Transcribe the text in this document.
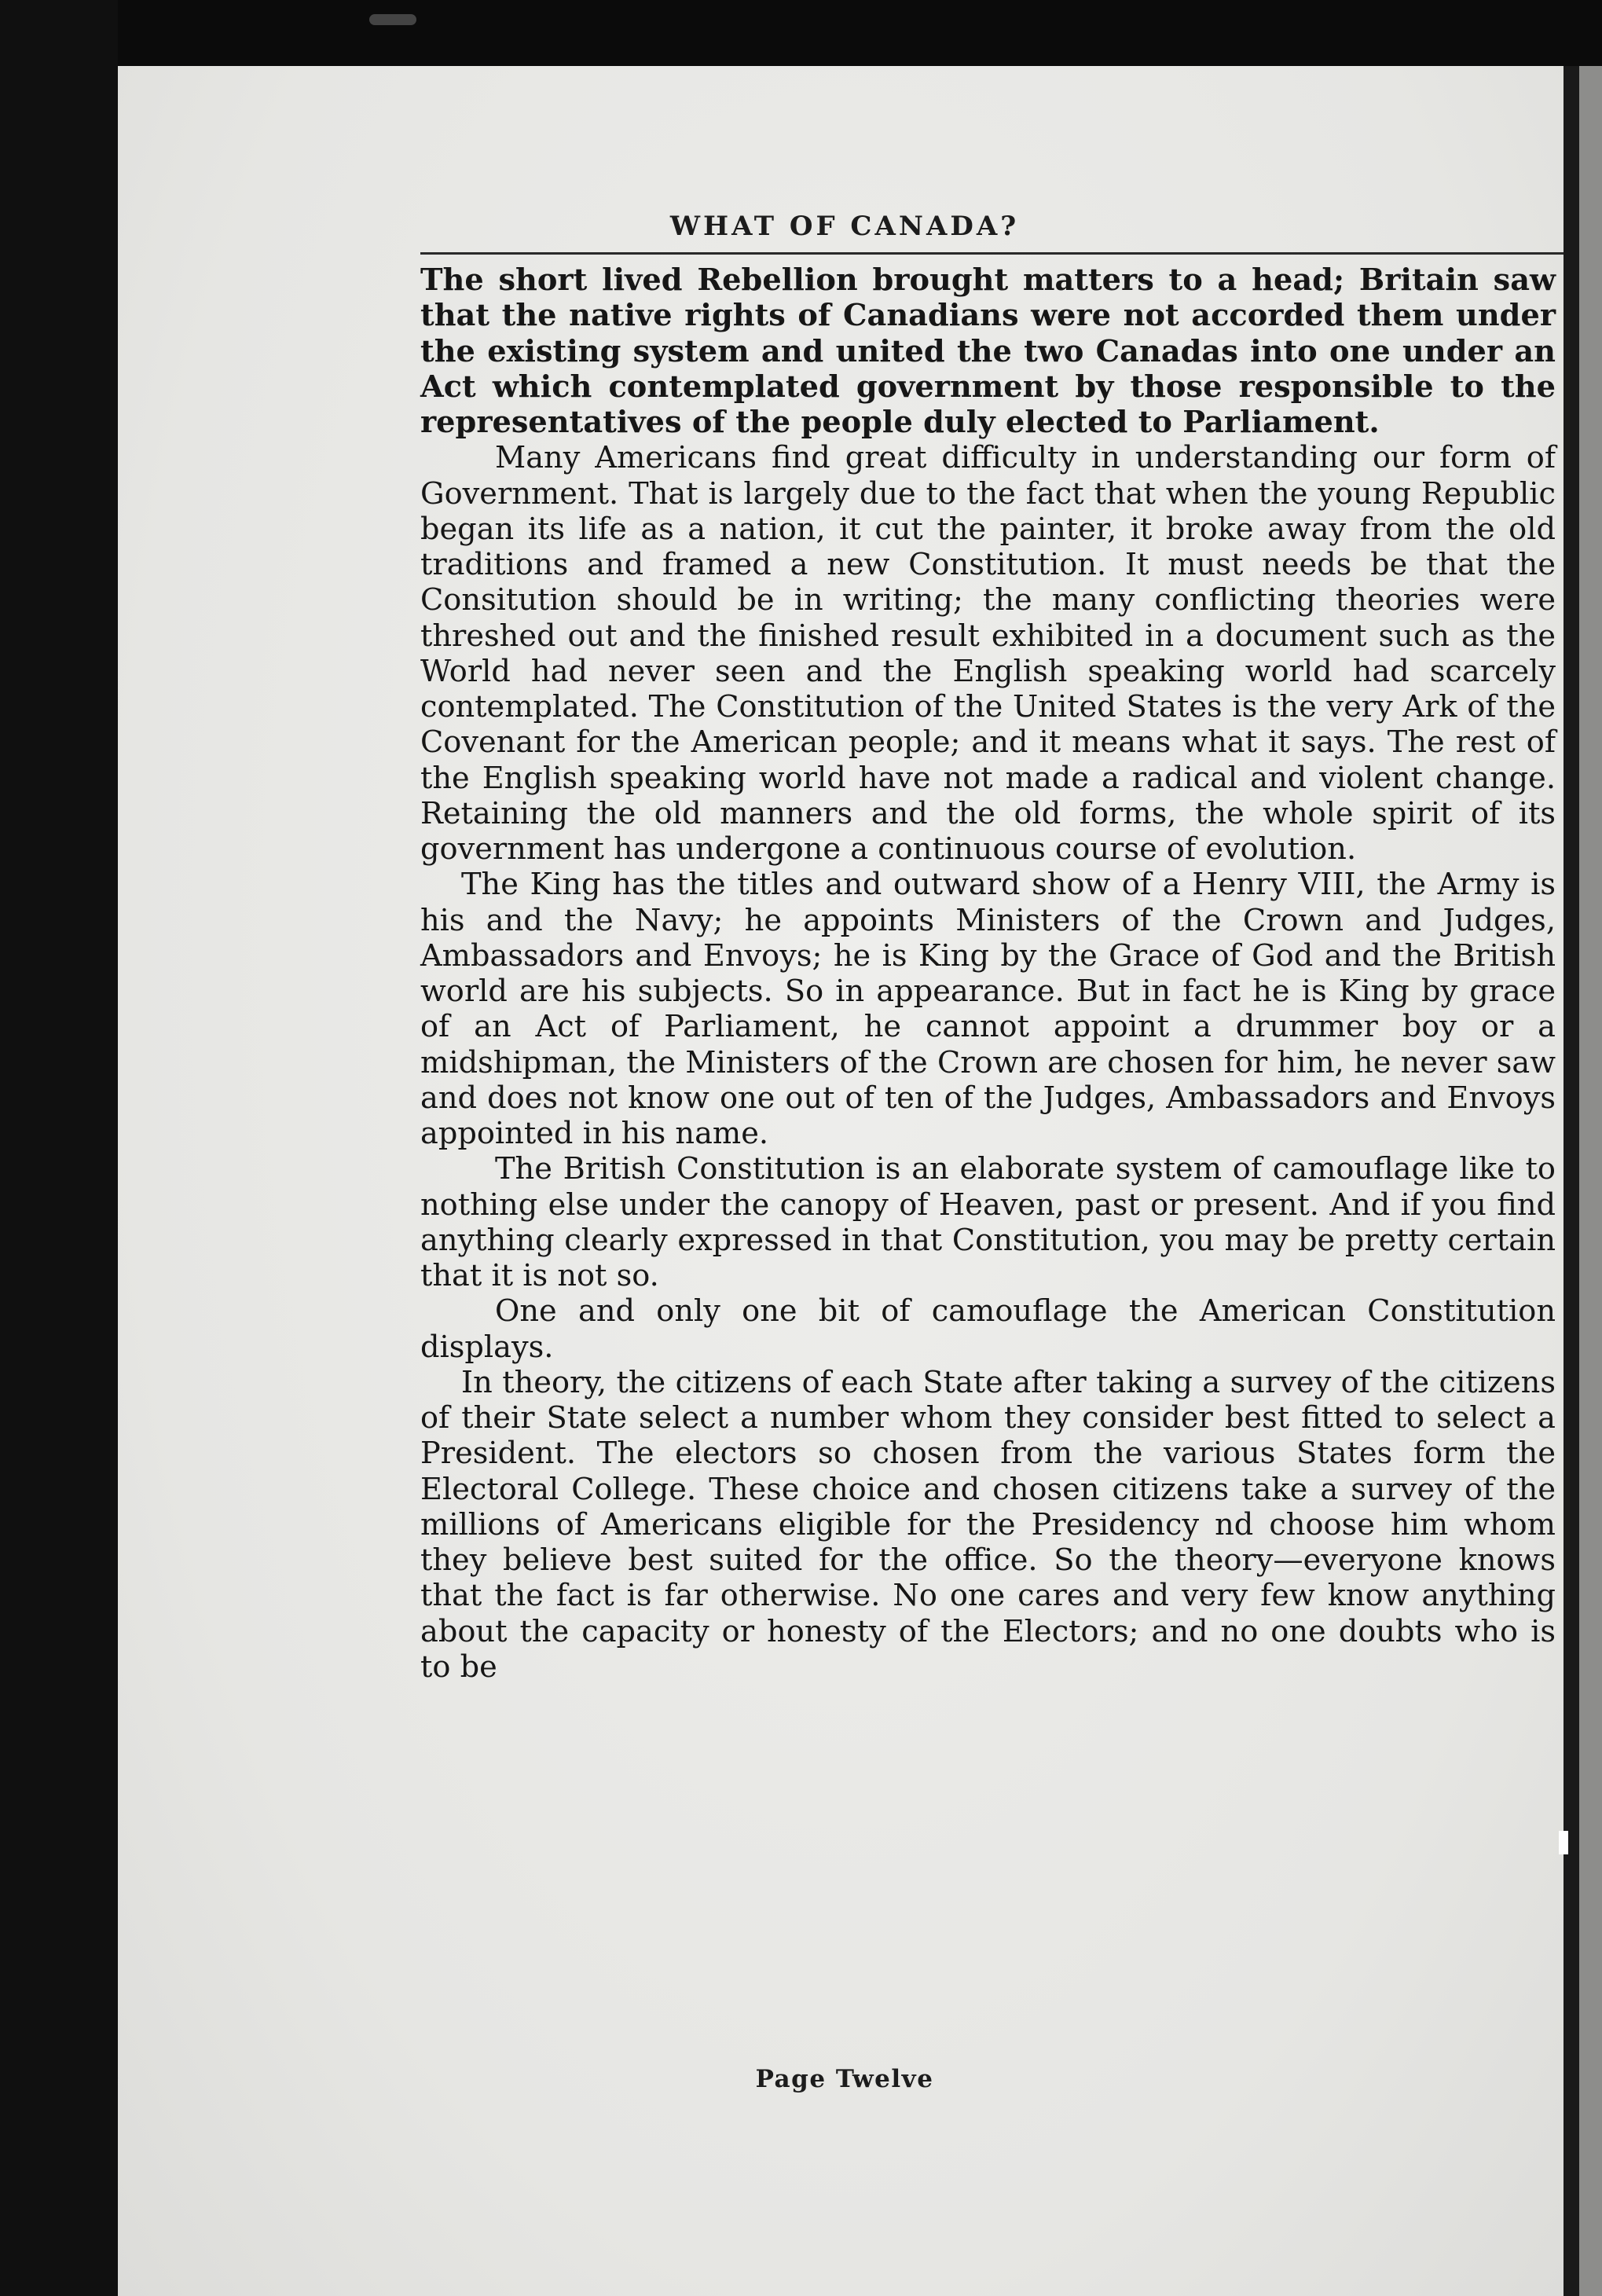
WHAT OF CANADA?

The short lived Rebellion brought matters to a head; Britain saw that the native rights of Canadians were not accorded them under the existing system and united the two Canadas into one under an Act which contemplated government by those responsible to the representatives of the people duly elected to Parliament.

Many Americans find great difficulty in understanding our form of Government. That is largely due to the fact that when the young Republic began its life as a nation, it cut the painter, it broke away from the old traditions and framed a new Constitution. It must needs be that the Consitution should be in writing; the many conflicting theories were threshed out and the finished result exhibited in a document such as the World had never seen and the English speaking world had scarcely contemplated. The Constitution of the United States is the very Ark of the Covenant for the American people; and it means what it says. The rest of the English speaking world have not made a radical and violent change. Retaining the old manners and the old forms, the whole spirit of its government has undergone a continuous course of evolution.

The King has the titles and outward show of a Henry VIII, the Army is his and the Navy; he appoints Ministers of the Crown and Judges, Ambassadors and Envoys; he is King by the Grace of God and the British world are his subjects. So in appearance. But in fact he is King by grace of an Act of Parliament, he cannot appoint a drummer boy or a midshipman, the Ministers of the Crown are chosen for him, he never saw and does not know one out of ten of the Judges, Ambassadors and Envoys appointed in his name.

The British Constitution is an elaborate system of camouflage like to nothing else under the canopy of Heaven, past or present. And if you find anything clearly expressed in that Constitution, you may be pretty certain that it is not so.

One and only one bit of camouflage the American Constitution displays.

In theory, the citizens of each State after taking a survey of the citizens of their State select a number whom they consider best fitted to select a President. The electors so chosen from the various States form the Electoral College. These choice and chosen citizens take a survey of the millions of Americans eligible for the Presidency nd choose him whom they believe best suited for the office. So the theory—everyone knows that the fact is far otherwise. No one cares and very few know anything about the capacity or honesty of the Electors; and no one doubts who is to be

Page Twelve
